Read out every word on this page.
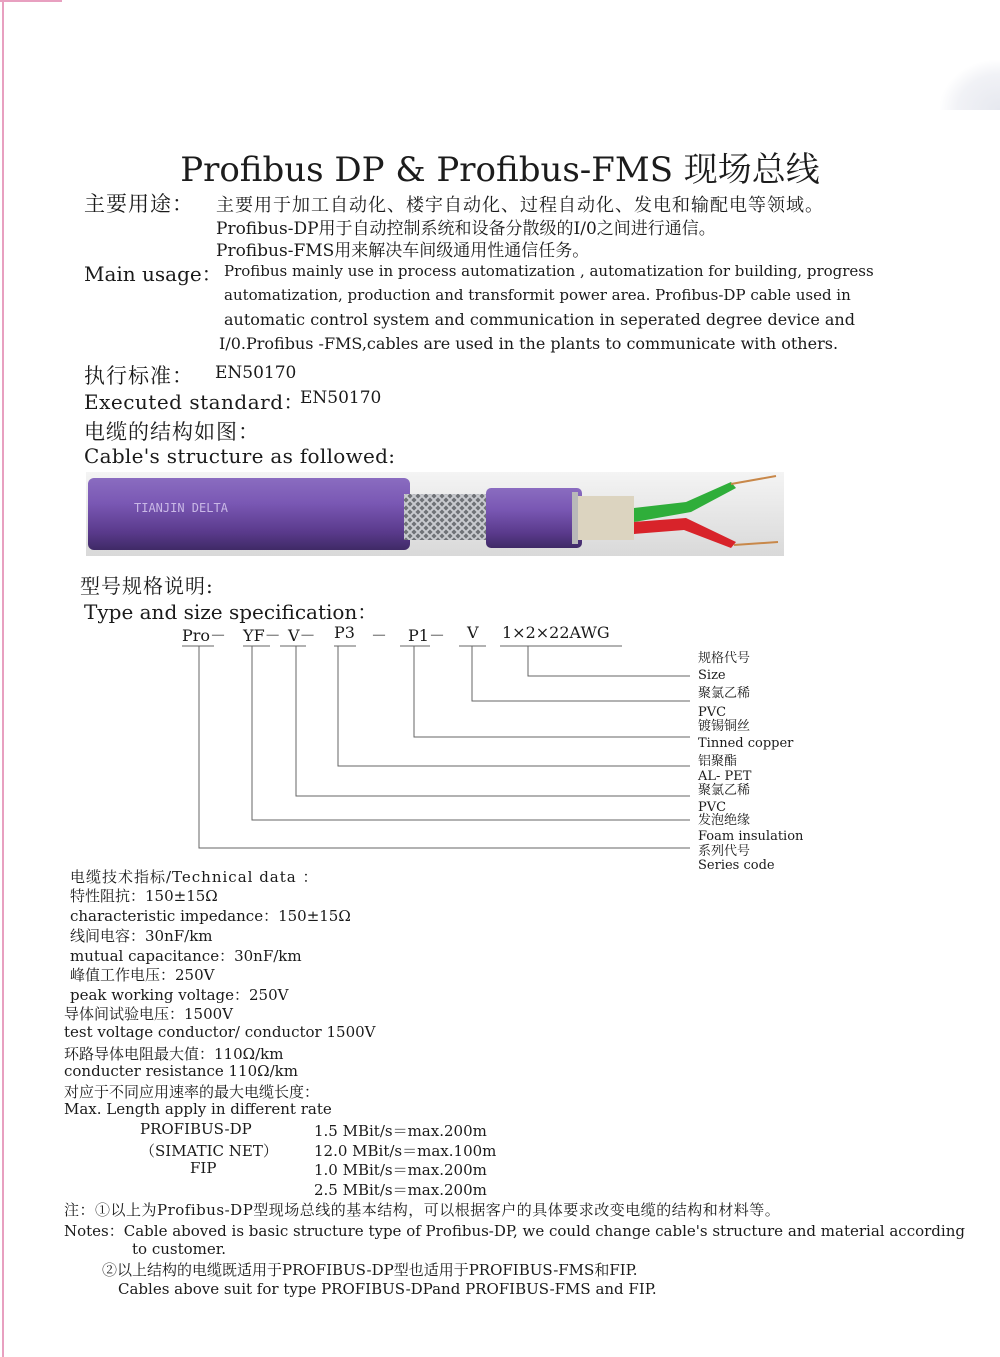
Profibus DP & Profibus-FMS 现场总线
主要用途： 主要用于加工自动化、楼宇自动化、过程自动化、发电和输配电等领域。
Profibus-DP用于自动控制系统和设备分散级的I/0之间进行通信。
Profibus-FMS用来解决车间级通用性通信任务。
Main usage： Profibus mainly use in process automatization , automatization for building, progress
automatization, production and transformit power area. Profibus-DP cable used in
automatic control system and communication in seperated degree device and
I/0.Profibus -FMS,cables are used in the plants to communicate with others.
执行标准： EN50170
Executed standard：
EN50170
电缆的结构如图：
Cable's structure as followed:
TIANJIN DELTA
型号规格说明:
Type and size specification：
Pro－ YF－ V－ P3 － P1－ V 1×2×22AWG
规格代号
Size
聚氯乙稀
PVC
镀锡铜丝
Tinned copper
铝聚酯
AL- PET
聚氯乙稀
PVC
发泡绝缘
Foam insulation
系列代号
Series code
电缆技术指标/Technical data ：
特性阻抗：150±15Ω
characteristic impedance：150±15Ω
线间电容：30nF/km
mutual capacitance：30nF/km
峰值工作电压：250V
peak working voltage：250V
导体间试验电压：1500V
test voltage conductor/ conductor 1500V
环路导体电阻最大值：110Ω/km
conducter resistance 110Ω/km
对应于不同应用速率的最大电缆长度：
Max. Length apply in different rate
PROFIBUS-DP
（SIMATIC NET）
FIP
1.5 MBit/s＝max.200m
12.0 MBit/s＝max.100m
1.0 MBit/s＝max.200m
2.5 MBit/s＝max.200m
注：①以上为Profibus-DP型现场总线的基本结构，可以根据客户的具体要求改变电缆的结构和材料等。
Notes：Cable aboved is basic structure type of Profibus-DP, we could change cable's structure and material according
to customer.
②以上结构的电缆既适用于PROFIBUS-DP型也适用于PROFIBUS-FMS和FIP.
Cables above suit for type PROFIBUS-DPand PROFIBUS-FMS and FIP.
